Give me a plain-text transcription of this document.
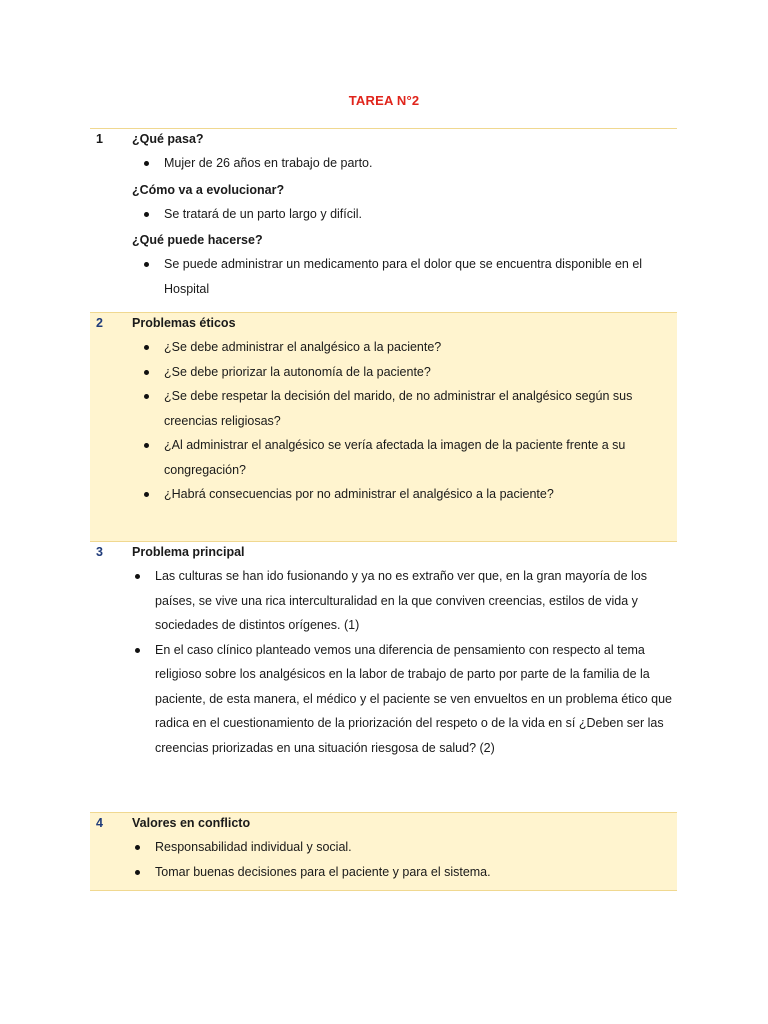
TAREA N°2
1 ¿Qué pasa?
Mujer de 26 años en trabajo de parto.
¿Cómo va a evolucionar?
Se tratará de un parto largo y difícil.
¿Qué puede hacerse?
Se puede administrar un medicamento para el dolor que se encuentra disponible en el Hospital
2 Problemas éticos
¿Se debe administrar el analgésico a la paciente?
¿Se debe priorizar la autonomía de la paciente?
¿Se debe respetar la decisión del marido, de no administrar el analgésico según sus creencias religiosas?
¿Al administrar el analgésico se vería afectada la imagen de la paciente frente a su congregación?
¿Habrá consecuencias por no administrar el analgésico a la paciente?
3 Problema principal
Las culturas se han ido fusionando y ya no es extraño ver que, en la gran mayoría de los países, se vive una rica interculturalidad en la que conviven creencias, estilos de vida y sociedades de distintos orígenes. (1)
En el caso clínico planteado vemos una diferencia de pensamiento con respecto al tema religioso sobre los analgésicos en la labor de trabajo de parto por parte de la familia de la paciente, de esta manera, el médico y el paciente se ven envueltos en un problema ético que radica en el cuestionamiento de la priorización del respeto o de la vida en sí ¿Deben ser las creencias priorizadas en una situación riesgosa de salud? (2)
4 Valores en conflicto
Responsabilidad individual y social.
Tomar buenas decisiones para el paciente y para el sistema.
